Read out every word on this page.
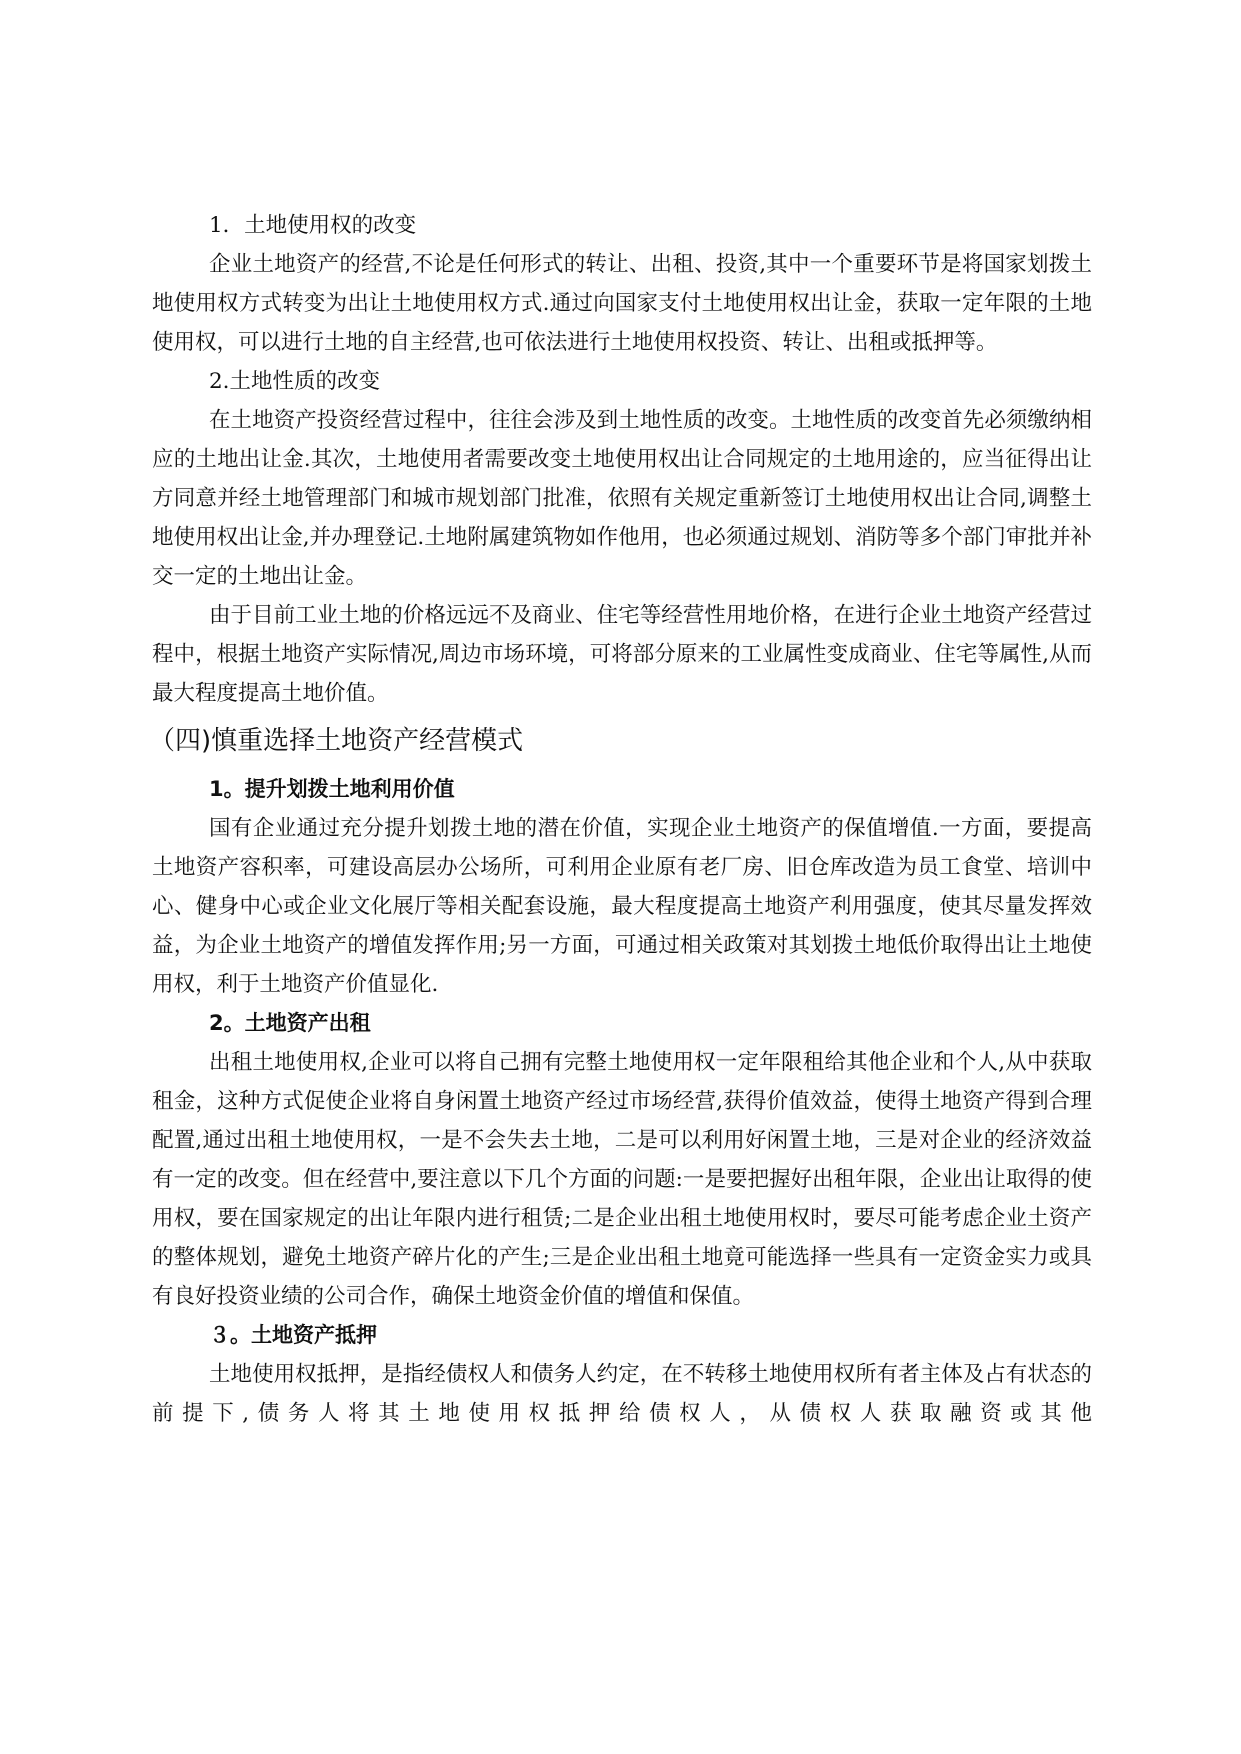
1．土地使用权的改变

企业土地资产的经营,不论是任何形式的转让、出租、投资,其中一个重要环节是将国家划拨土地使用权方式转变为出让土地使用权方式.通过向国家支付土地使用权出让金，获取一定年限的土地使用权，可以进行土地的自主经营,也可依法进行土地使用权投资、转让、出租或抵押等。

2.土地性质的改变

在土地资产投资经营过程中，往往会涉及到土地性质的改变。土地性质的改变首先必须缴纳相应的土地出让金.其次，土地使用者需要改变土地使用权出让合同规定的土地用途的，应当征得出让方同意并经土地管理部门和城市规划部门批准，依照有关规定重新签订土地使用权出让合同,调整土地使用权出让金,并办理登记.土地附属建筑物如作他用，也必须通过规划、消防等多个部门审批并补交一定的土地出让金。

由于目前工业土地的价格远远不及商业、住宅等经营性用地价格，在进行企业土地资产经营过程中，根据土地资产实际情况,周边市场环境，可将部分原来的工业属性变成商业、住宅等属性,从而最大程度提高土地价值。

（四)慎重选择土地资产经营模式

1。提升划拨土地利用价值

国有企业通过充分提升划拨土地的潜在价值，实现企业土地资产的保值增值.一方面，要提高土地资产容积率，可建设高层办公场所，可利用企业原有老厂房、旧仓库改造为员工食堂、培训中心、健身中心或企业文化展厅等相关配套设施，最大程度提高土地资产利用强度，使其尽量发挥效益，为企业土地资产的增值发挥作用;另一方面，可通过相关政策对其划拨土地低价取得出让土地使用权，利于土地资产价值显化.

2。土地资产出租

出租土地使用权,企业可以将自己拥有完整土地使用权一定年限租给其他企业和个人,从中获取租金，这种方式促使企业将自身闲置土地资产经过市场经营,获得价值效益，使得土地资产得到合理配置,通过出租土地使用权，一是不会失去土地，二是可以利用好闲置土地，三是对企业的经济效益有一定的改变。但在经营中,要注意以下几个方面的问题:一是要把握好出租年限，企业出让取得的使用权，要在国家规定的出让年限内进行租赁;二是企业出租土地使用权时，要尽可能考虑企业土资产的整体规划，避免土地资产碎片化的产生;三是企业出租土地竟可能选择一些具有一定资金实力或具有良好投资业绩的公司合作，确保土地资金价值的增值和保值。

３。土地资产抵押

土地使用权抵押，是指经债权人和债务人约定，在不转移土地使用权所有者主体及占有状态的前提下,债务人将其土地使用权抵押给债权人，从债权人获取融资或其他
